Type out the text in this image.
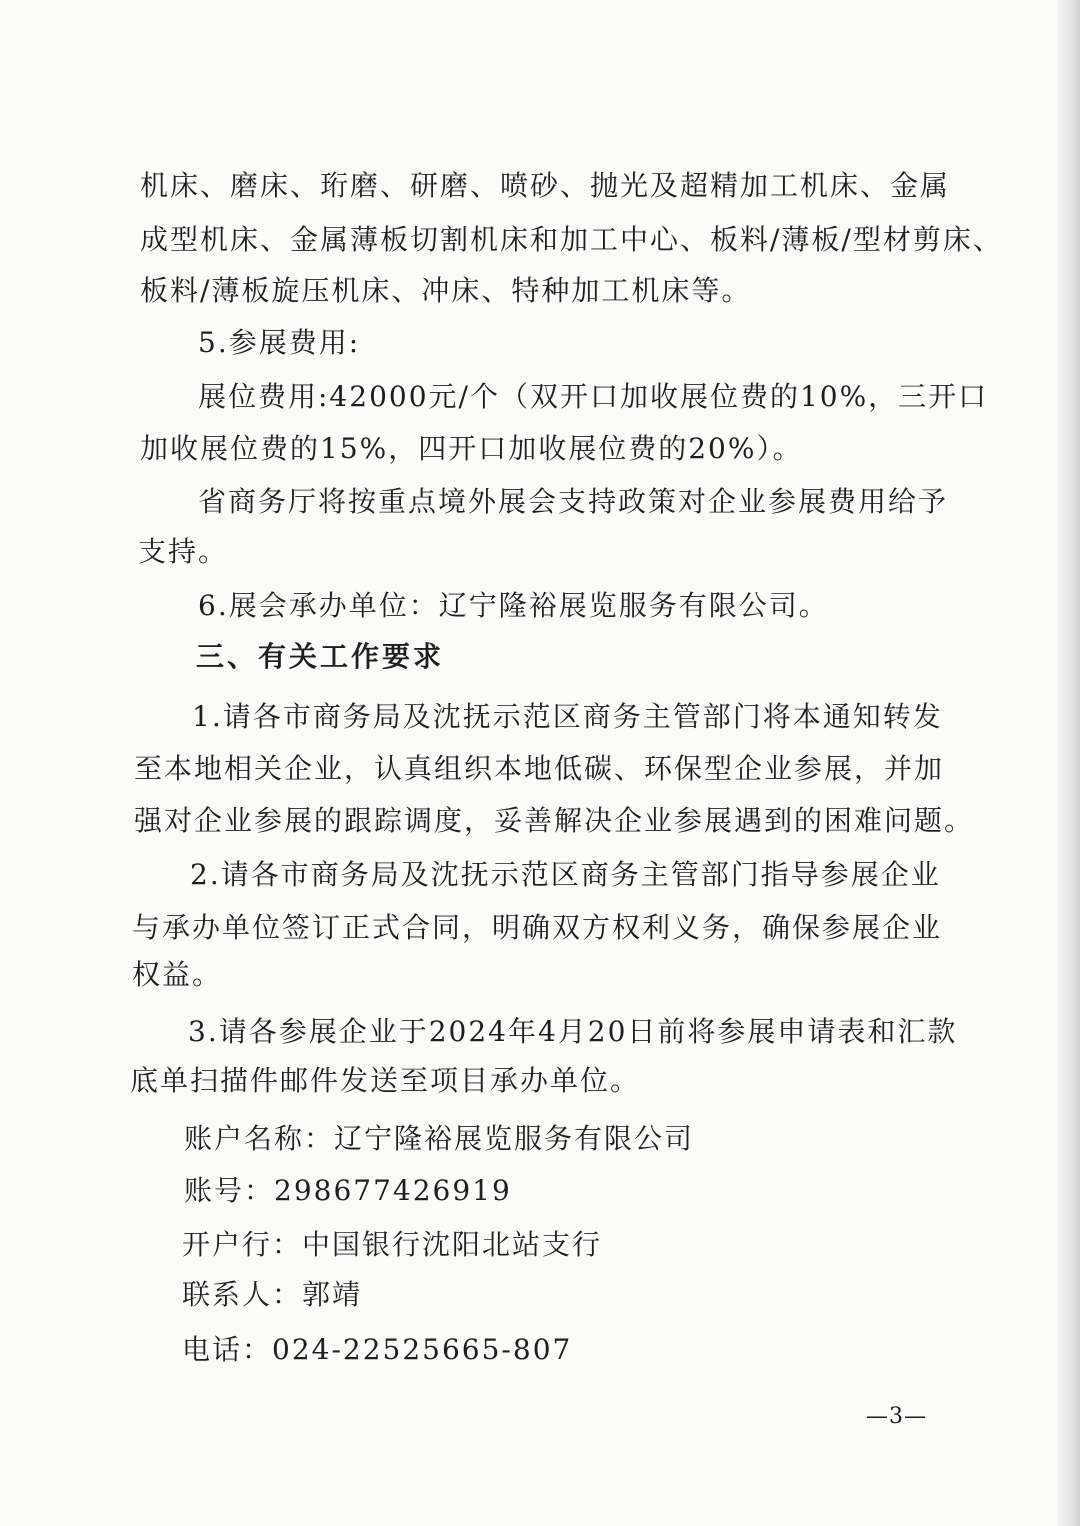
机床、磨床、珩磨、研磨、喷砂、抛光及超精加工机床、金属
成型机床、金属薄板切割机床和加工中心、板料/薄板/型材剪床、
板料/薄板旋压机床、冲床、特种加工机床等。
5.参展费用:
展位费用:42000元/个（双开口加收展位费的10%，三开口
加收展位费的15%，四开口加收展位费的20%）。
省商务厅将按重点境外展会支持政策对企业参展费用给予
支持。
6.展会承办单位：辽宁隆裕展览服务有限公司。
三、有关工作要求
1.请各市商务局及沈抚示范区商务主管部门将本通知转发
至本地相关企业，认真组织本地低碳、环保型企业参展，并加
强对企业参展的跟踪调度，妥善解决企业参展遇到的困难问题。
2.请各市商务局及沈抚示范区商务主管部门指导参展企业
与承办单位签订正式合同，明确双方权利义务，确保参展企业
权益。
3.请各参展企业于2024年4月20日前将参展申请表和汇款
底单扫描件邮件发送至项目承办单位。
账户名称：辽宁隆裕展览服务有限公司
账号：298677426919
开户行：中国银行沈阳北站支行
联系人：郭靖
电话：024-22525665-807
—3—
